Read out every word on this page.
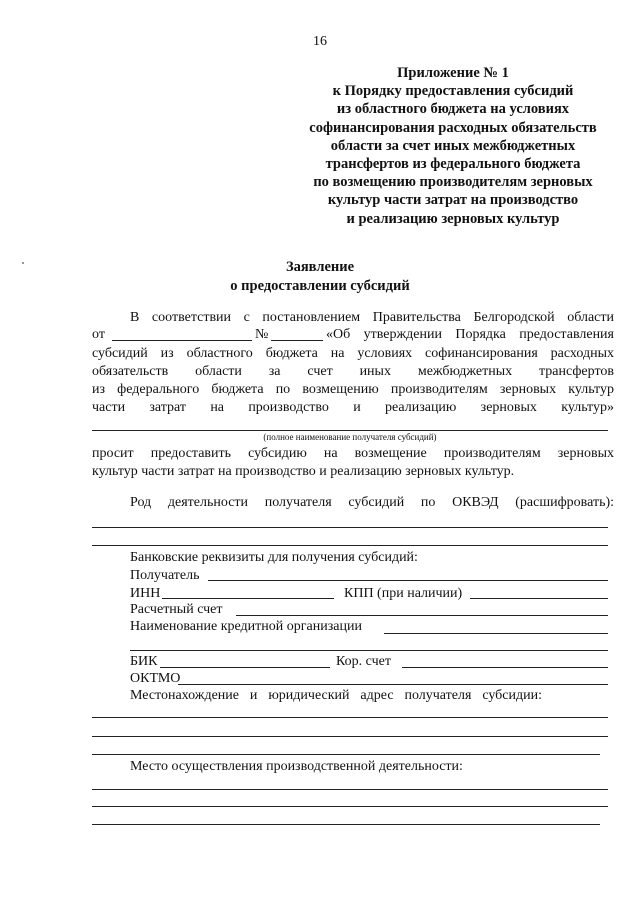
16
Приложение № 1
к Порядку предоставления субсидий
из областного бюджета на условиях
софинансирования расходных обязательств
области за счет иных межбюджетных
трансфертов из федерального бюджета
по возмещению производителям зерновых
культур части затрат на производство
и реализацию зерновых культур
Заявление
о предоставлении субсидий
В соответствии с постановлением Правительства Белгородской области
от	№	«Об утверждении Порядка предоставления
субсидий из областного бюджета на условиях софинансирования расходных
обязательств области за счет иных межбюджетных трансфертов
из федерального бюджета по возмещению производителям зерновых культур
части затрат на производство и реализацию зерновых культур»
(полное наименование получателя субсидий)
просит предоставить субсидию на возмещение производителям зерновых
культур части затрат на производство и реализацию зерновых культур.
Род деятельности получателя субсидий по ОКВЭД (расшифровать):
Банковские реквизиты для получения субсидий:
Получатель
ИНН	КПП (при наличии)
Расчетный счет
Наименование кредитной организации
БИК	Кор. счет
ОКТМО
Местонахождение и юридический адрес получателя субсидии:
Место осуществления производственной деятельности:
